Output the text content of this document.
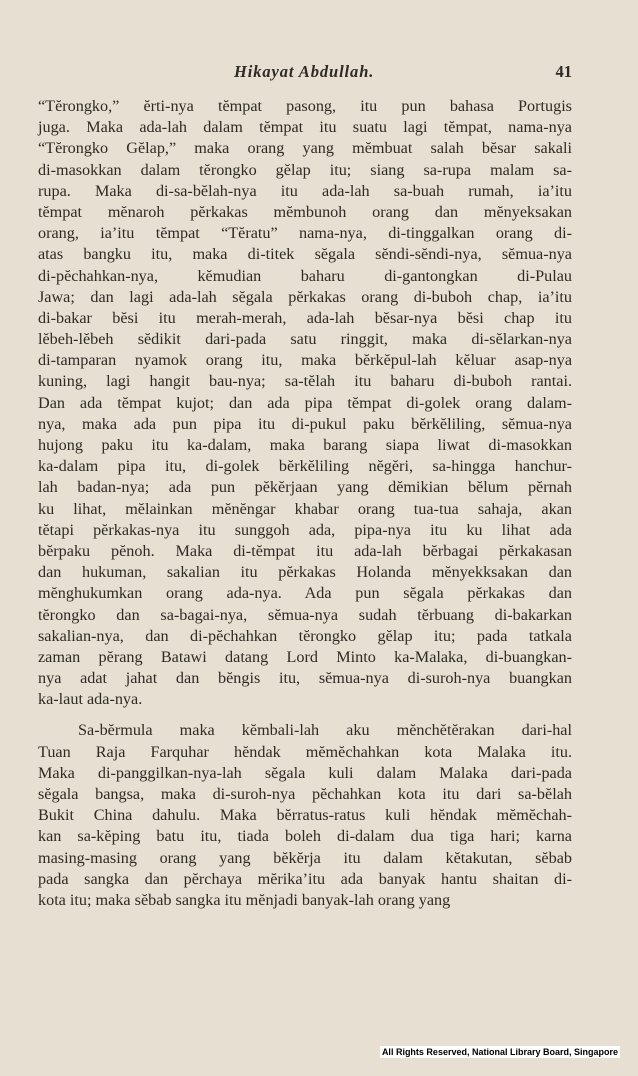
Hikayat Abdullah.	41
“Tĕrongko,” ĕrti-nya tĕmpat pasong, itu pun bahasa Portugis
juga. Maka ada-lah dalam tĕmpat itu suatu lagi tĕmpat, nama-nya
“Tĕrongko Gĕlap,” maka orang yang mĕmbuat salah bĕsar sakali
di-masokkan dalam tĕrongko gĕlap itu; siang sa-rupa malam sa-
rupa. Maka di-sa-bĕlah-nya itu ada-lah sa-buah rumah, ia’itu
tĕmpat mĕnaroh pĕrkakas mĕmbunoh orang dan mĕnyeksakan
orang, ia’itu tĕmpat “Tĕratu” nama-nya, di-tinggalkan orang di-
atas bangku itu, maka di-titek sĕgala sĕndi-sĕndi-nya, sĕmua-nya
di-pĕchahkan-nya, kĕmudian baharu di-gantongkan di-Pulau
Jawa; dan lagi ada-lah sĕgala pĕrkakas orang di-buboh chap, ia’itu
di-bakar bĕsi itu merah-merah, ada-lah bĕsar-nya bĕsi chap itu
lĕbeh-lĕbeh sĕdikit dari-pada satu ringgit, maka di-sĕlarkan-nya
di-tamparan nyamok orang itu, maka bĕrkĕpul-lah kĕluar asap-nya
kuning, lagi hangit bau-nya; sa-tĕlah itu baharu di-buboh rantai.
Dan ada tĕmpat kujot; dan ada pipa tĕmpat di-golek orang dalam-
nya, maka ada pun pipa itu di-pukul paku bĕrkĕliling, sĕmua-nya
hujong paku itu ka-dalam, maka barang siapa liwat di-masokkan
ka-dalam pipa itu, di-golek bĕrkĕliling nĕgĕri, sa-hingga hanchur-
lah badan-nya; ada pun pĕkĕrjaan yang dĕmikian bĕlum pĕrnah
ku lihat, mĕlainkan mĕnĕngar khabar orang tua-tua sahaja, akan
tĕtapi pĕrkakas-nya itu sunggoh ada, pipa-nya itu ku lihat ada
bĕrpaku pĕnoh. Maka di-tĕmpat itu ada-lah bĕrbagai pĕrkakasan
dan hukuman, sakalian itu pĕrkakas Holanda mĕnyekksakan dan
mĕnghukumkan orang ada-nya. Ada pun sĕgala pĕrkakas dan
tĕrongko dan sa-bagai-nya, sĕmua-nya sudah tĕrbuang di-bakarkan
sakalian-nya, dan di-pĕchahkan tĕrongko gĕlap itu; pada tatkala
zaman pĕrang Batawi datang Lord Minto ka-Malaka, di-buangkan-
nya adat jahat dan bĕngis itu, sĕmua-nya di-suroh-nya buangkan
ka-laut ada-nya.
Sa-bĕrmula maka kĕmbali-lah aku mĕnchĕtĕrakan dari-hal
Tuan Raja Farquhar hĕndak mĕmĕchahkan kota Malaka itu.
Maka di-panggilkan-nya-lah sĕgala kuli dalam Malaka dari-pada
sĕgala bangsa, maka di-suroh-nya pĕchahkan kota itu dari sa-bĕlah
Bukit China dahulu. Maka bĕrratus-ratus kuli hĕndak mĕmĕchah-
kan sa-kĕping batu itu, tiada boleh di-dalam dua tiga hari; karna
masing-masing orang yang bĕkĕrja itu dalam kĕtakutan, sĕbab
pada sangka dan pĕrchaya mĕrika’itu ada banyak hantu shaitan di-
kota itu; maka sĕbab sangka itu mĕnjadi banyak-lah orang yang
All Rights Reserved, National Library Board, Singapore
